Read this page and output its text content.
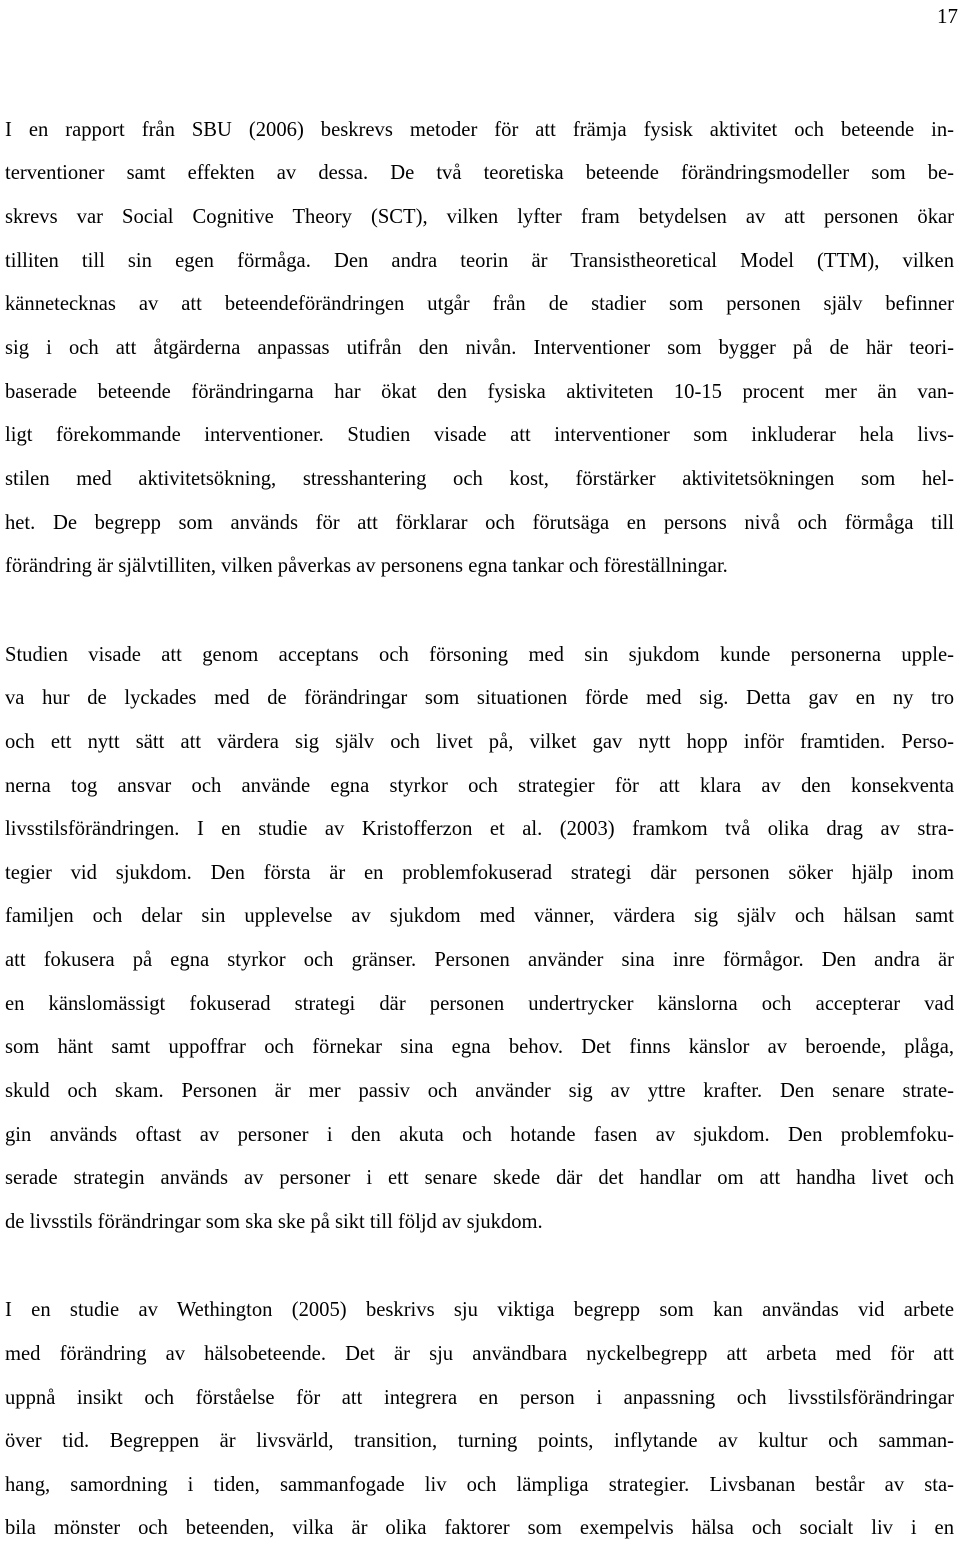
17

I en rapport från SBU (2006) beskrevs metoder för att främja fysisk aktivitet och beteende in-

terventioner samt effekten av dessa. De två teoretiska beteende förändringsmodeller som be-

skrevs var Social Cognitive Theory (SCT), vilken lyfter fram betydelsen av att personen ökar

tilliten till sin egen förmåga. Den andra teorin är Transistheoretical Model (TTM), vilken

kännetecknas av att beteendeförändringen utgår från de stadier som personen själv befinner

sig i och att åtgärderna anpassas utifrån den nivån. Interventioner som bygger på de här teori-

baserade beteende förändringarna har ökat den fysiska aktiviteten 10-15 procent mer än van-

ligt förekommande interventioner. Studien visade att interventioner som inkluderar hela livs-

stilen med aktivitetsökning, stresshantering och kost, förstärker aktivitetsökningen som hel-

het. De begrepp som används för att förklarar och förutsäga en persons nivå och förmåga till

förändring är självtilliten, vilken påverkas av personens egna tankar och föreställningar.

Studien visade att genom acceptans och försoning med sin sjukdom kunde personerna upple-

va hur de lyckades med de förändringar som situationen förde med sig. Detta gav en ny tro

och ett nytt sätt att värdera sig själv och livet på, vilket gav nytt hopp inför framtiden. Perso-

nerna tog ansvar och använde egna styrkor och strategier för att klara av den konsekventa

livsstilsförändringen. I en studie av Kristofferzon et al. (2003) framkom två olika drag av stra-

tegier vid sjukdom. Den första är en problemfokuserad strategi där personen söker hjälp inom

familjen och delar sin upplevelse av sjukdom med vänner, värdera sig själv och hälsan samt

att fokusera på egna styrkor och gränser. Personen använder sina inre förmågor. Den andra är

en känslomässigt fokuserad strategi där personen undertrycker känslorna och accepterar vad

som hänt samt uppoffrar och förnekar sina egna behov. Det finns känslor av beroende, plåga,

skuld och skam. Personen är mer passiv och använder sig av yttre krafter. Den senare strate-

gin används oftast av personer i den akuta och hotande fasen av sjukdom. Den problemfoku-

serade strategin används av personer i ett senare skede där det handlar om att handha livet och

de livsstils förändringar som ska ske på sikt till följd av sjukdom.

I en studie av Wethington (2005) beskrivs sju viktiga begrepp som kan användas vid arbete

med förändring av hälsobeteende. Det är sju användbara nyckelbegrepp att arbeta med för att

uppnå insikt och förståelse för att integrera en person i anpassning och livsstilsförändringar

över tid. Begreppen är livsvärld, transition, turning points, inflytande av kultur och samman-

hang, samordning i tiden, sammanfogade liv och lämpliga strategier. Livsbanan består av sta-

bila mönster och beteenden, vilka är olika faktorer som exempelvis hälsa och socialt liv i en
